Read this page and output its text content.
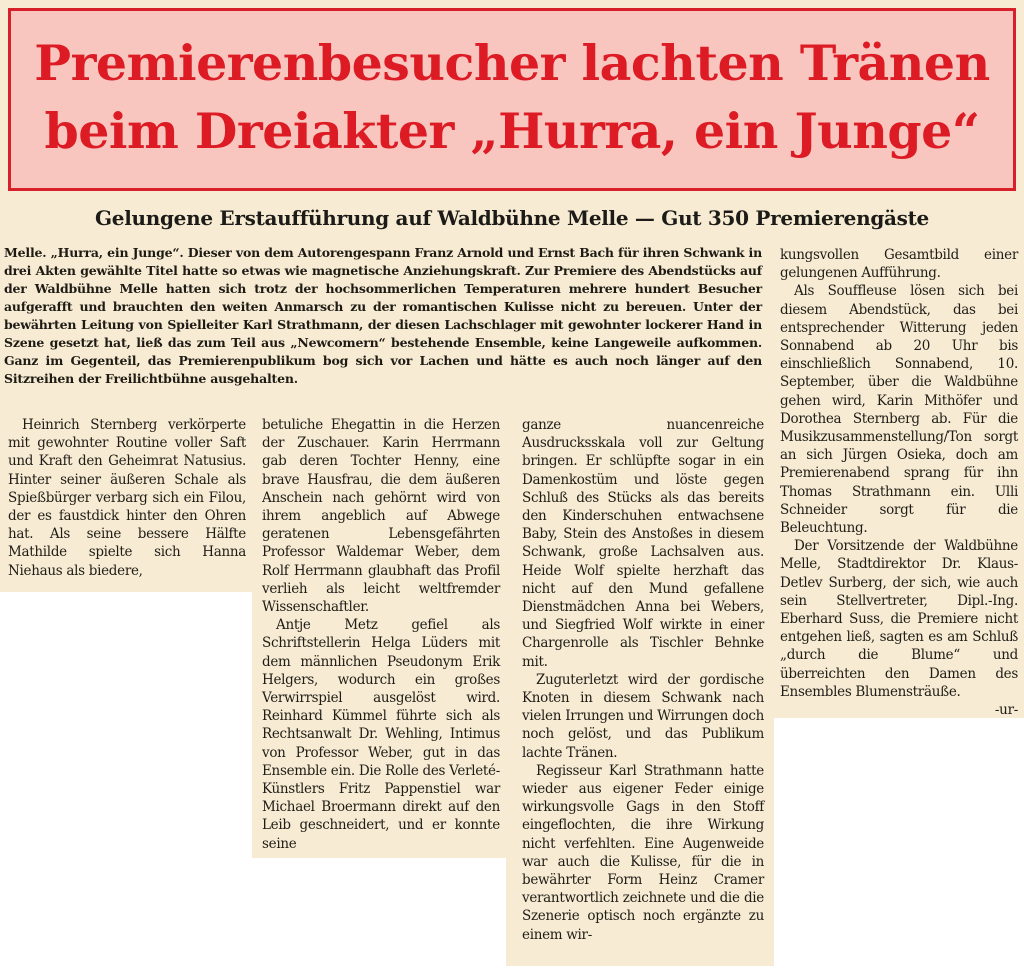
Premierenbesucher lachten Tränen
beim Dreiakter „Hurra, ein Junge“
Gelungene Erstaufführung auf Waldbühne Melle — Gut 350 Premierengäste
Melle. „Hurra, ein Junge“. Dieser von dem Autorengespann Franz Arnold und Ernst Bach für ihren Schwank in drei Akten gewählte Titel hatte so etwas wie magnetische Anziehungskraft. Zur Premiere des Abendstücks auf der Waldbühne Melle hatten sich trotz der hochsommerlichen Temperaturen mehrere hundert Besucher aufgerafft und brauchten den weiten Anmarsch zu der romantischen Kulisse nicht zu bereuen. Unter der bewährten Leitung von Spielleiter Karl Strathmann, der diesen Lachschlager mit gewohnter lockerer Hand in Szene gesetzt hat, ließ das zum Teil aus „Newcomern“ bestehende Ensemble, keine Langeweile aufkommen. Ganz im Gegenteil, das Premierenpublikum bog sich vor Lachen und hätte es auch noch länger auf den Sitzreihen der Freilichtbühne ausgehalten.

Heinrich Sternberg verkörperte mit gewohnter Routine voller Saft und Kraft den Geheimrat Natusius. Hinter seiner äußeren Schale als Spießbürger verbarg sich ein Filou, der es faustdick hinter den Ohren hat. Als seine bessere Hälfte Mathilde spielte sich Hanna Niehaus als biedere,

betuliche Ehegattin in die Herzen der Zuschauer. Karin Herrmann gab deren Tochter Henny, eine brave Hausfrau, die dem äußeren Anschein nach gehörnt wird von ihrem angeblich auf Abwege geratenen Lebensgefährten Professor Waldemar Weber, dem Rolf Herrmann glaubhaft das Profil verlieh als leicht weltfremder Wissenschaftler.

Antje Metz gefiel als Schriftstellerin Helga Lüders mit dem männlichen Pseudonym Erik Helgers, wodurch ein großes Verwirrspiel ausgelöst wird. Reinhard Kümmel führte sich als Rechtsanwalt Dr. Wehling, Intimus von Professor Weber, gut in das Ensemble ein. Die Rolle des Verleté-Künstlers Fritz Pappenstiel war Michael Broermann direkt auf den Leib geschneidert, und er konnte seine

ganze nuancenreiche Ausdrucksskala voll zur Geltung bringen. Er schlüpfte sogar in ein Damenkostüm und löste gegen Schluß des Stücks als das bereits den Kinderschuhen entwachsene Baby, Stein des Anstoßes in diesem Schwank, große Lachsalven aus. Heide Wolf spielte herzhaft das nicht auf den Mund gefallene Dienstmädchen Anna bei Webers, und Siegfried Wolf wirkte in einer Chargenrolle als Tischler Behnke mit.

Zuguterletzt wird der gordische Knoten in diesem Schwank nach vielen Irrungen und Wirrungen doch noch gelöst, und das Publikum lachte Tränen.

Regisseur Karl Strathmann hatte wieder aus eigener Feder einige wirkungsvolle Gags in den Stoff eingeflochten, die ihre Wirkung nicht verfehlten. Eine Augenweide war auch die Kulisse, für die in bewährter Form Heinz Cramer verantwortlich zeichnete und die die Szenerie optisch noch ergänzte zu einem wir-

kungsvollen Gesamtbild einer gelungenen Aufführung.

Als Souffleuse lösen sich bei diesem Abendstück, das bei entsprechender Witterung jeden Sonnabend ab 20 Uhr bis einschließlich Sonnabend, 10. September, über die Waldbühne gehen wird, Karin Mithöfer und Dorothea Sternberg ab. Für die Musikzusammenstellung/Ton sorgt an sich Jürgen Osieka, doch am Premierenabend sprang für ihn Thomas Strathmann ein. Ulli Schneider sorgt für die Beleuchtung.

Der Vorsitzende der Waldbühne Melle, Stadtdirektor Dr. Klaus-Detlev Surberg, der sich, wie auch sein Stellvertreter, Dipl.-Ing. Eberhard Suss, die Premiere nicht entgehen ließ, sagten es am Schluß „durch die Blume“ und überreichten den Damen des Ensembles Blumensträuße.

-ur-
